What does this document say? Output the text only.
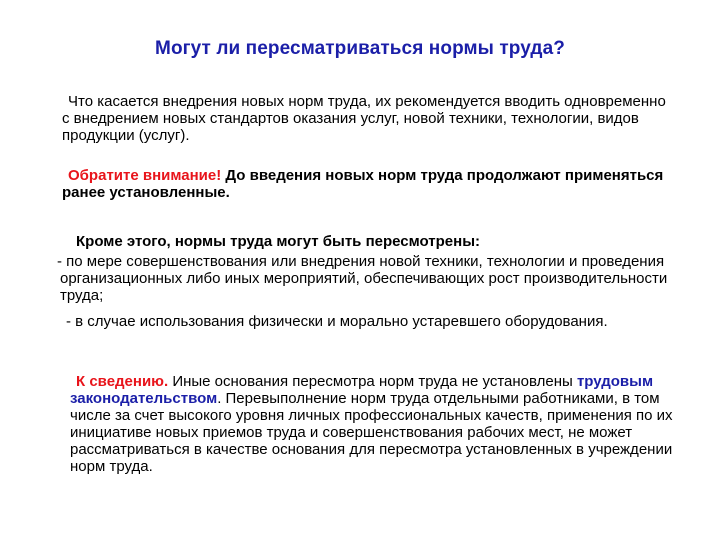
Могут ли пересматриваться нормы труда?
Что касается внедрения новых норм труда, их рекомендуется вводить одновременно с внедрением новых стандартов оказания услуг, новой техники, технологии, видов продукции (услуг).
Обратите внимание! До введения новых норм труда продолжают применяться ранее установленные.
Кроме этого, нормы труда могут быть пересмотрены:
- по мере совершенствования или внедрения новой техники, технологии и проведения организационных либо иных мероприятий, обеспечивающих рост производительности труда;
- в случае использования физически и морально устаревшего оборудования.
К сведению. Иные основания пересмотра норм труда не установлены трудовым законодательством. Перевыполнение норм труда отдельными работниками, в том числе за счет высокого уровня личных профессиональных качеств, применения по их инициативе новых приемов труда и совершенствования рабочих мест, не может рассматриваться в качестве основания для пересмотра установленных в учреждении норм труда.
